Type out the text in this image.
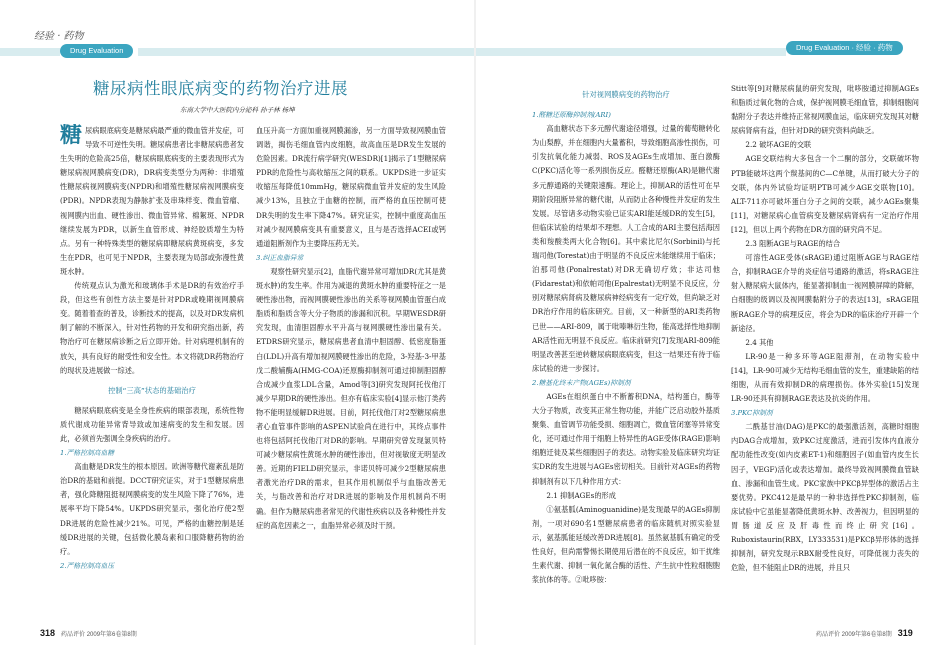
经验 · 药物
Drug Evaluation	Drug Evaluation · 经验 · 药物
糖尿病性眼底病变的药物治疗进展
东南大学中大医院内分泌科 孙子林 杨坤
糖 尿病眼底病变是糖尿病最严重的微血管并发症，可导致不可逆性失明。糖尿病患者比非糖尿病患者发生失明的危险高25倍，糖尿病眼底病变的主要表现形式为糖尿病视网膜病变(DR)，DR病变类型分为两种：非增殖性糖尿病视网膜病变(NPDR)和增殖性糖尿病视网膜病变(PDR)。NPDR表现为静脉扩张及串珠样变、微血管瘤、视网膜内出血、硬性渗出、微血管异常、棉絮斑、NPDR继续发展为PDR，以新生血管形成、神经胶质增生为特点。另有一种特殊类型的糖尿病即糖尿病黄斑病变，多发生在PDR，也可见于NPDR，主要表现为局部或弥漫性黄斑水肿。

传统观点认为激光和玻璃体手术是DR的有效治疗手段，但这些有创性方法主要是针对PDR或晚期视网膜病变。随着着查的普及，诊断技术的提高，以及对DR发病机制了解的不断深入，针对性药物的开发和研究指出新，药物治疗可在糖尿病诊断之后立即开始。针对病理机制有的放矢，具有良好的耐受性和安全性。本文将就DR药物治疗的现状及进展做一综述。

控制“三高”状态的基础治疗

糖尿病眼底病变是全身性疾病的眼部表现，系统性物质代谢成功能异常背导致或加速病变的发生和发展。因此，必须首先强调全身疾病的治疗。

1.严格控制高血糖

高血糖是DR发生的根本原因。欧洲等糖代谢紊乱是防治DR的基础和前提。DCCT研究证实，对于1型糖尿病患者，强化降糖阻挺视网膜病变的发生风险下降了76%，进展率平均下降54%。UKPDS研究显示，强化治疗使2型DR进展的危险性减少21%。可见，严格的血糖控制是延缓DR进展的关键，包括微化膜岛素和口服降糖药物的治疗。

2.严格控制高血压

血压升高一方面加重视网膜漏渗，另一方面导致视网膜血管调谐，揭伤毛细血管内皮细胞，故高血压是DR发生发展的危险因素。DR流行病学研究(WESDR)[1]揭示了1型糖尿病PDR的危险性与高收缩压之间的联系。UKPDS进一步证实收缩压每降低10mmHg，糖尿病微血管并发症的发生风险减少13%，且独立于血糖的控制，而严格的血压控制可使DR失明的发生率下降47%。研究证实，控制中重度高血压对减少视网膜病变具有重要意义，且与是否选择ACEI或钙通道阻断剂作为主要降压药无关。

3.纠正血脂异常

观察性研究显示[2]，血脂代谢异常可增加DR(尤其是黄斑水肿)的发生率。作用为减退的黄斑水肿的重要特征之一是硬性渗出物，而视网膜硬性渗出的关系等视网膜血管蛋白成脂质和脂质含等大分子物质的渗漏和沉积。早期WESDR研究发现，血清胆固醇水平升高与视网膜硬性渗出量有关。ETDRS研究显示，糖尿病患者血清中胆固醇、低密度脂蛋白(LDL)升高有增加视网膜硬性渗出的危险，3-羟基-3-甲基戊二酸辅酶A(HMG-COA)还原酶抑制剂可通过抑制胆固醇合成减少血浆LDL含量，Amod等[3]研究发现阿托伐他汀减少早期DR的硬性渗出。但亦有临床实验[4]显示他汀类药物不能明显缓解DR进展。目前，阿托伐他汀对2型糖尿病患者心血管事件影响的ASPEN试验尚在进行中，其终点事件也将包括阿托伐他汀对DR的影响。早期研究曾发现氯贝特可减少糖尿病性黄斑水肿的硬性渗出，但对视敏度无明显改善。近期的FIELD研究显示，非诺贝特可减少2型糖尿病患者激光治疗DR的需求，但其作用机制似乎与血脂改善无关，与脂改善和治疗对DR进展的影响及作用机制尚不明确。但作为糖尿病患者常见的代谢性疾病以及各种慢性并发症的高危因素之一，血脂异常必须及时干预。

针对视网膜病变的药物治疗

1.醛糖还原酶抑制剂(ARI)

高血糖状态下多元醇代谢途径增强，过量的葡萄糖转化为山梨醇，并在细胞内大量蓄积，导致细胞高渗性损伤，可引发抗氧化能力减弱、ROS及AGEs生成增加、蛋白激酶C(PKC)活化等一系列损伤反应。醛糖还原酶(AR)是糖代谢多元醇通路的关键限速酶。理论上，抑制AR的活性可在早期阶段阻断异常的糖代谢，从而防止各种慢性并发症的发生发展。尽管诸多动物实验已证实ARI能延缓DR的发生[5]，但临床试验的结果却不理想。人工合成的ARI主要包括海因类和羧酸类两大化合物[6]。其中索比尼尔(Sorbinil)与托瑞司他(Torestat)由于明显的不良反应未能继续用于临床；泊那司他(Ponalrestat)对DR无确切疗效；非达司他(Fidarestat)和依帕司他(Epalrestat)无明显不良反应，分别对糖尿病肾病及糖尿病神经病变有一定疗效，但尚缺乏对DR治疗作用的临床研究。目前，又一种新型的ARI类药物已世——ARI-809，属于吡嗪啉衍生物，能高选择性地抑制AR活性而无明显不良反应。临床前研究[7]发现ARI-809能明显改善甚至逆转糖尿病眼底病变，但这一结果还有待于临床试验的进一步探讨。

2.糖基化终末产物(AGEs)抑制剂

AGEs在组织蛋白中不断蓄积DNA，结构蛋白，酶等大分子物质，改变其正常生物功能，并能广泛启动胶外基质聚集、血管调节功能受损、细胞凋亡，微血管闭塞等异常变化，还可通过作用于细胞上特异性的AGE受体(RAGE)影响细胞迁徙及某些细胞因子的表达。动物实验及临床研究均证实DR的发生进展与AGEs密切相关。目前针对AGEs的药物抑制剂有以下几种作用方式：

2.1 抑制AGEs的形成

①氨基胍(Aminoguanidine)是发现最早的AGEs抑制剂，一项对690名1型糖尿病患者的临床随机对照实验显示，氨基胍能延缓改善DR进展[8]。虽然氨基胍有确定的受性良好，但尚需警惕长期使用后潜在的不良反应，如干扰维生素代谢、抑制一氧化氮合酶的活性、产生抗中性粒细胞胞浆抗体的等。②吡哆胺：

Stitt等[9]对糖尿病鼠的研究发现，吡哆胺通过抑制AGEs和脂质过氧化物的合成，保护视网膜毛细血管，抑制细胞间黏附分子表达并维持正常视网膜血运，临床研究发现其对糖尿病肾病有益，但针对DR的研究资料尚缺乏。

2.2 破坏AGE的交联

AGE交联结构大多包含一个二酮的部分，交联破坏物PTB能破坏这两个羰基间的C—C单键，从而打破大分子的交联，体内外试验均证明PTB可减少AGE交联物[10]。ALT-711亦可破坏蛋白分子之间的交联，减少AGEs聚集[11]，对糖尿病心血管病变及糖尿病肾病有一定治疗作用[12]，但以上两个药物在DR方面的研究尚不足。

2.3 阻断AGE与RAGE的结合

可溶性AGE受体(sRAGE)通过阻断AGE与RAGE结合，抑制RAGE介导的炎症信号通路的激活，将sRAGE注射入糖尿病大鼠体内，能显著抑制血一视网膜屏障的降解，白细胞的级调以及视网膜黏附分子的表达[13]，sRAGE阻断RAGE介导的病理反应，将会为DR的临床治疗开辟一个新途径。

2.4 其他

LR-90是一种多环等AGE阻滞剂，在动物实验中[14]，LR-90可减少无结构毛细血管的发生，重建缺陷的结细胞，从而有效抑制DR的病理损伤。体外实验[15]发现LR-90还具有抑制RAGE表达及抗炎的作用。

3.PKC抑制剂

二酰基甘油(DAG)是PKC的最强激活剂，高糖时细胞内DAG合成增加，致PKC过度激活，进而引发体内血液分配功能性改变(如内皮素ET-1)和细胞因子(如血管内皮生长因子，VEGF)活化或表达增加。最终导致视网膜微血管缺血、渗漏和血管生成。PKC家族中PKCβ异型体的激活占主要优势。PKC412是最早的一种非选择性PKC抑制剂，临床试验中它虽能显著降低黄斑水肿、改善视力，但因明显的胃肠道反应及肝毒性而终止研究[16]。Ruboxistaurin(RBX，LY333531)是PKCβ异形体的选择抑制剂，研究发现示RBX耐受性良好，可降低视力丧失的危险，但不能阻止DR的进展，并且只

318 药品评价 2009年第6卷第8期	药品评价 2009年第6卷第8期 319
